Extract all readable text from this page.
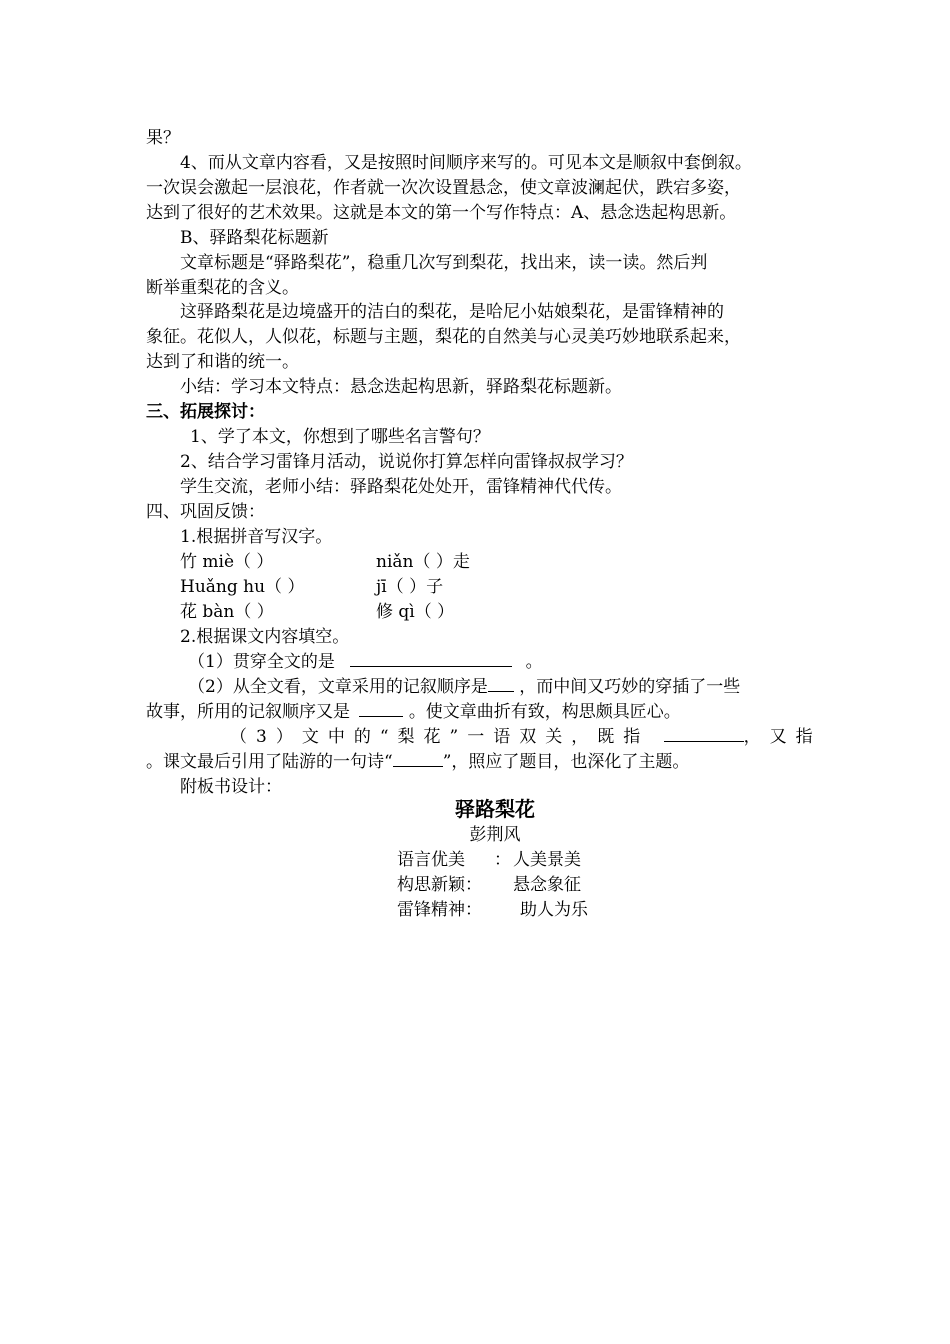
果？
4、而从文章内容看，又是按照时间顺序来写的。可见本文是顺叙中套倒叙。
一次误会激起一层浪花，作者就一次次设置悬念，使文章波澜起伏，跌宕多姿，
达到了很好的艺术效果。这就是本文的第一个写作特点：A、悬念迭起构思新。
B、驿路梨花标题新
文章标题是“驿路梨花”，稳重几次写到梨花，找出来，读一读。然后判
断举重梨花的含义。
这驿路梨花是边境盛开的洁白的梨花，是哈尼小姑娘梨花，是雷锋精神的
象征。花似人，人似花，标题与主题，梨花的自然美与心灵美巧妙地联系起来，
达到了和谐的统一。
小结：学习本文特点：悬念迭起构思新，驿路梨花标题新。
三、拓展探讨：
1、学了本文，你想到了哪些名言警句？
2、结合学习雷锋月活动，说说你打算怎样向雷锋叔叔学习？
学生交流，老师小结：驿路梨花处处开，雷锋精神代代传。
四、巩固反馈：
1.根据拼音写汉字。
竹 miè（ ）	niǎn（ ）走
Huǎng hu（ ）	jī（ ）子
花 bàn（ ）	修 qì（ ）
2.根据课文内容填空。
（1）贯穿全文的是	。
（2）从全文看，文章采用的记叙顺序是 ，而中间又巧妙的穿插了一些
故事，所用的记叙顺序又是	。使文章曲折有致，构思颇具匠心。
（3）文中的“梨花”一语双关，既指	，又指
。课文最后引用了陆游的一句诗“	”，照应了题目，也深化了主题。
附板书设计：
驿路梨花
彭荆风
语言优美 ： 人美景美
构思新颖： 悬念象征
雷锋精神： 助人为乐
